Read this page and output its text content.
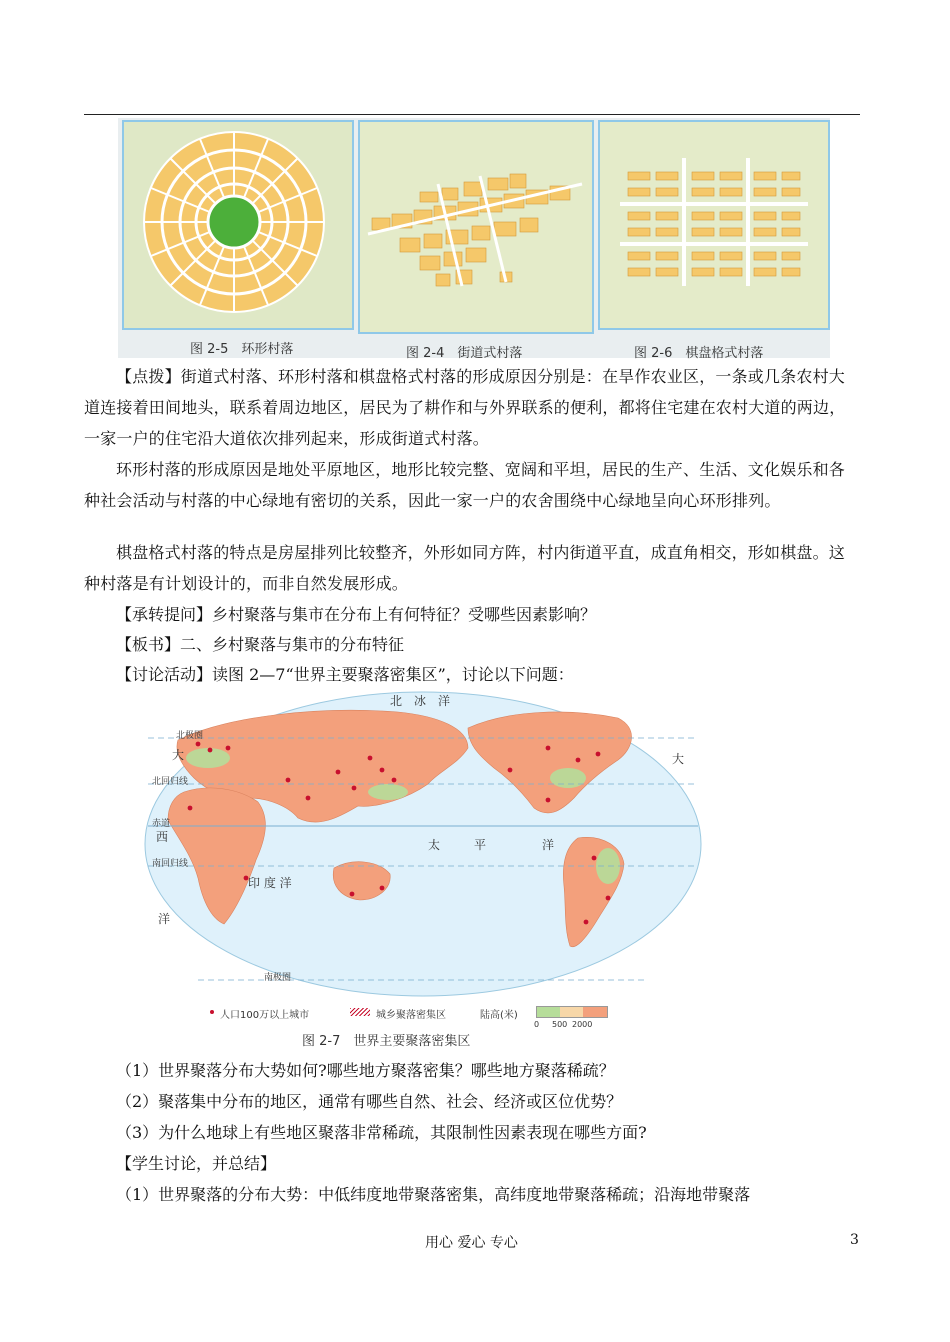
图 2-5　环形村落	图 2-4　街道式村落	图 2-6　棋盘格式村落
【点拨】街道式村落、环形村落和棋盘格式村落的形成原因分别是：在旱作农业区，一条或几条农村大道连接着田间地头，联系着周边地区，居民为了耕作和与外界联系的便利，都将住宅建在农村大道的两边，一家一户的住宅沿大道依次排列起来，形成街道式村落。
环形村落的形成原因是地处平原地区，地形比较完整、宽阔和平坦，居民的生产、生活、文化娱乐和各种社会活动与村落的中心绿地有密切的关系，因此一家一户的农舍围绕中心绿地呈向心环形排列。
棋盘格式村落的特点是房屋排列比较整齐，外形如同方阵，村内街道平直，成直角相交，形如棋盘。这种村落是有计划设计的，而非自然发展形成。
【承转提问】乡村聚落与集市在分布上有何特征？受哪些因素影响？
【板书】二、乡村聚落与集市的分布特征
【讨论活动】读图 2—7“世界主要聚落密集区”，讨论以下问题：
北　冰　洋
大
太	平	洋
大
西
洋
印 度 洋
北极圈
北回归线
赤道
南回归线
南极圈
人口100万以上城市	城乡聚落密集区	陆高(米)
0 500 2000
图 2-7　世界主要聚落密集区
（1）世界聚落分布大势如何?哪些地方聚落密集？哪些地方聚落稀疏？
（2）聚落集中分布的地区，通常有哪些自然、社会、经济或区位优势？
（3）为什么地球上有些地区聚落非常稀疏，其限制性因素表现在哪些方面?
【学生讨论，并总结】
（1）世界聚落的分布大势：中低纬度地带聚落密集，高纬度地带聚落稀疏；沿海地带聚落
用心 爱心 专心	3
